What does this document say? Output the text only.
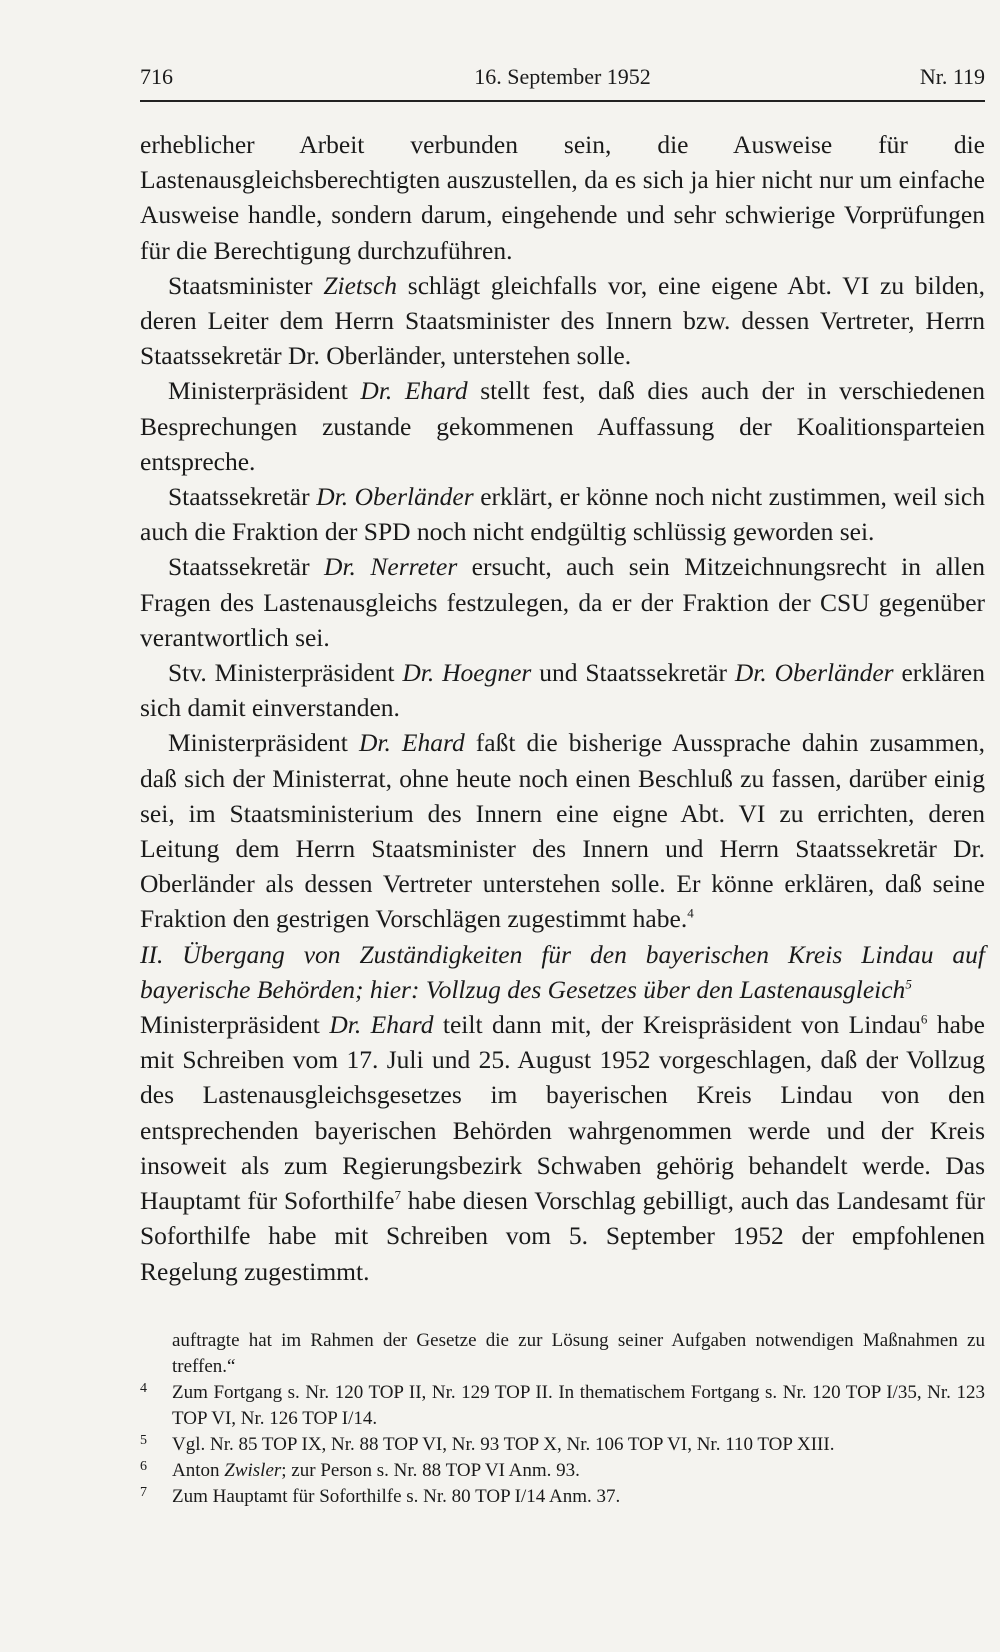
716	16. September 1952	Nr. 119

erheblicher Arbeit verbunden sein, die Ausweise für die Lastenausgleichsberechtigten auszustellen, da es sich ja hier nicht nur um einfache Ausweise handle, sondern darum, eingehende und sehr schwierige Vorprüfungen für die Berechtigung durchzuführen.

Staatsminister Zietsch schlägt gleichfalls vor, eine eigene Abt. VI zu bilden, deren Leiter dem Herrn Staatsminister des Innern bzw. dessen Vertreter, Herrn Staatssekretär Dr. Oberländer, unterstehen solle.

Ministerpräsident Dr. Ehard stellt fest, daß dies auch der in verschiedenen Besprechungen zustande gekommenen Auffassung der Koalitionsparteien entspreche.

Staatssekretär Dr. Oberländer erklärt, er könne noch nicht zustimmen, weil sich auch die Fraktion der SPD noch nicht endgültig schlüssig geworden sei.

Staatssekretär Dr. Nerreter ersucht, auch sein Mitzeichnungsrecht in allen Fragen des Lastenausgleichs festzulegen, da er der Fraktion der CSU gegenüber verantwortlich sei.

Stv. Ministerpräsident Dr. Hoegner und Staatssekretär Dr. Oberländer erklären sich damit einverstanden.

Ministerpräsident Dr. Ehard faßt die bisherige Aussprache dahin zusammen, daß sich der Ministerrat, ohne heute noch einen Beschluß zu fassen, darüber einig sei, im Staatsministerium des Innern eine eigne Abt. VI zu errichten, deren Leitung dem Herrn Staatsminister des Innern und Herrn Staatssekretär Dr. Oberländer als dessen Vertreter unterstehen solle. Er könne erklären, daß seine Fraktion den gestrigen Vorschlägen zugestimmt habe.$^4$

II. Übergang von Zuständigkeiten für den bayerischen Kreis Lindau auf bayerische Behörden; hier: Vollzug des Gesetzes über den Lastenausgleich$^5$

Ministerpräsident Dr. Ehard teilt dann mit, der Kreispräsident von Lindau$^6$ habe mit Schreiben vom 17. Juli und 25. August 1952 vorgeschlagen, daß der Vollzug des Lastenausgleichsgesetzes im bayerischen Kreis Lindau von den entsprechenden bayerischen Behörden wahrgenommen werde und der Kreis insoweit als zum Regierungsbezirk Schwaben gehörig behandelt werde. Das Hauptamt für Soforthilfe$^7$ habe diesen Vorschlag gebilligt, auch das Landesamt für Soforthilfe habe mit Schreiben vom 5. September 1952 der empfohlenen Regelung zugestimmt.

auftragte hat im Rahmen der Gesetze die zur Lösung seiner Aufgaben notwendigen Maßnahmen zu treffen.“

4 Zum Fortgang s. Nr. 120 TOP II, Nr. 129 TOP II. In thematischem Fortgang s. Nr. 120 TOP I/35, Nr. 123 TOP VI, Nr. 126 TOP I/14.

5 Vgl. Nr. 85 TOP IX, Nr. 88 TOP VI, Nr. 93 TOP X, Nr. 106 TOP VI, Nr. 110 TOP XIII.

6 Anton Zwisler; zur Person s. Nr. 88 TOP VI Anm. 93.

7 Zum Hauptamt für Soforthilfe s. Nr. 80 TOP I/14 Anm. 37.
